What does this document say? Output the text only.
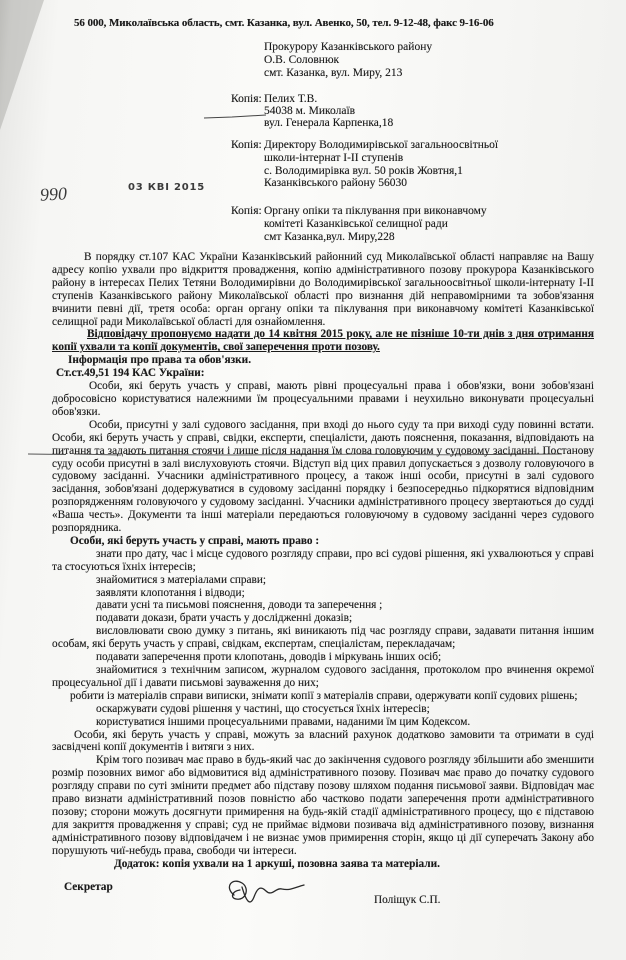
56 000, Миколаївська область, смт. Казанка, вул. Авенко, 50, тел. 9-12-48, факс 9-16-06
Прокурору Казанківського району
О.В. Соловнюк
смт. Казанка, вул. Миру, 213
Копія: Пелих Т.В.
54038 м. Миколаїв
вул. Генерала Карпенка,18
Копія: Директору Володимирівської загальноосвітньої
школи-інтернат І-ІІ ступенів
с. Володимирівка вул. 50 років Жовтня,1
Казанківського району 56030
990	03 КВІ 2015
Копія: Органу опіки та піклування при виконавчому
комітеті Казанківської селищної ради
смт Казанка,вул. Миру,228

В порядку ст.107 КАС України Казанківський районний суд Миколаївської області направляє на Вашу адресу копію ухвали про відкриття провадження, копію адміністративного позову прокурора Казанківського району в інтересах Пелих Тетяни Володимирівни до Володимирівської загальноосвітньої школи-інтернату І-ІІ ступенів Казанківського району Миколаївської області про визнання дій неправомірними та зобов'язання вчинити певні дії, третя особа: орган органу опіки та піклування при виконавчому комітеті Казанківської селищної ради Миколаївської області для ознайомлення.

Відповідачу пропонуємо надати до 14 квітня 2015 року, але не пізніше 10-ти днів з дня отримання копії ухвали та копії документів, свої заперечення проти позову.

Інформація про права та обов'язки.

Ст.ст.49,51 194 КАС України:

Особи, які беруть участь у справі, мають рівні процесуальні права і обов'язки, вони зобов'язані добросовісно користуватися належними їм процесуальними правами і неухильно виконувати процесуальні обов'язки.

Особи, присутні у залі судового засідання, при вході до нього суду та при виході суду повинні встати. Особи, які беруть участь у справі, свідки, експерти, спеціалісти, дають пояснення, показання, відповідають на питання та задають питання стоячи і лише після надання їм слова головуючим у судовому засіданні. Постанову суду особи присутні в залі вислуховують стоячи. Відступ від цих правил допускається з дозволу головуючого в судовому засіданні. Учасники адміністративного процесу, а також інші особи, присутні в залі судового засідання, зобов'язані додержуватися в судовому засіданні порядку і безпосередньо підкорятися відповідним розпорядженням головуючого у судовому засіданні. Учасники адміністративного процесу звертаються до судді «Ваша честь». Документи та інші матеріали передаються головуючому в судовому засіданні через судового розпорядника.

Особи, які беруть участь у справі, мають право :

знати про дату, час і місце судового розгляду справи, про всі судові рішення, які ухвалюються у справі та стосуються їхніх інтересів;

знайомитися з матеріалами справи;

заявляти клопотання і відводи;

давати усні та письмові пояснення, доводи та заперечення ;

подавати докази, брати участь у дослідженні доказів;

висловлювати свою думку з питань, які виникають під час розгляду справи, задавати питання іншим особам, які беруть участь у справі, свідкам, експертам, спеціалістам, перекладачам;

подавати заперечення проти клопотань, доводів і міркувань інших осіб;

знайомитися з технічним записом, журналом судового засідання, протоколом про вчинення окремої процесуальної дії і давати письмові зауваження до них;

робити із матеріалів справи виписки, знімати копії з матеріалів справи, одержувати копії судових рішень;

оскаржувати судові рішення у частині, що стосується їхніх інтересів;

користуватися іншими процесуальними правами, наданими їм цим Кодексом.

Особи, які беруть участь у справі, можуть за власний рахунок додатково замовити та отримати в суді засвідчені копії документів і витяги з них.

Крім того позивач має право в будь-який час до закінчення судового розгляду збільшити або зменшити розмір позовних вимог або відмовитися від адміністративного позову. Позивач має право до початку судового розгляду справи по суті змінити предмет або підставу позову шляхом подання письмової заяви. Відповідач має право визнати адміністративний позов повністю або частково подати заперечення проти адміністративного позову; сторони можуть досягнути примирення на будь-якій стадії адміністративного процесу, що є підставою для закриття провадження у справі; суд не приймає відмови позивача від адміністративного позову, визнання адміністративного позову відповідачем і не визнає умов примирення сторін, якщо ці дії суперечать Закону або порушують чиї-небудь права, свободи чи інтереси.

Додаток: копія ухвали на 1 аркуші, позовна заява та матеріали.

Секретар
Поліщук С.П.
